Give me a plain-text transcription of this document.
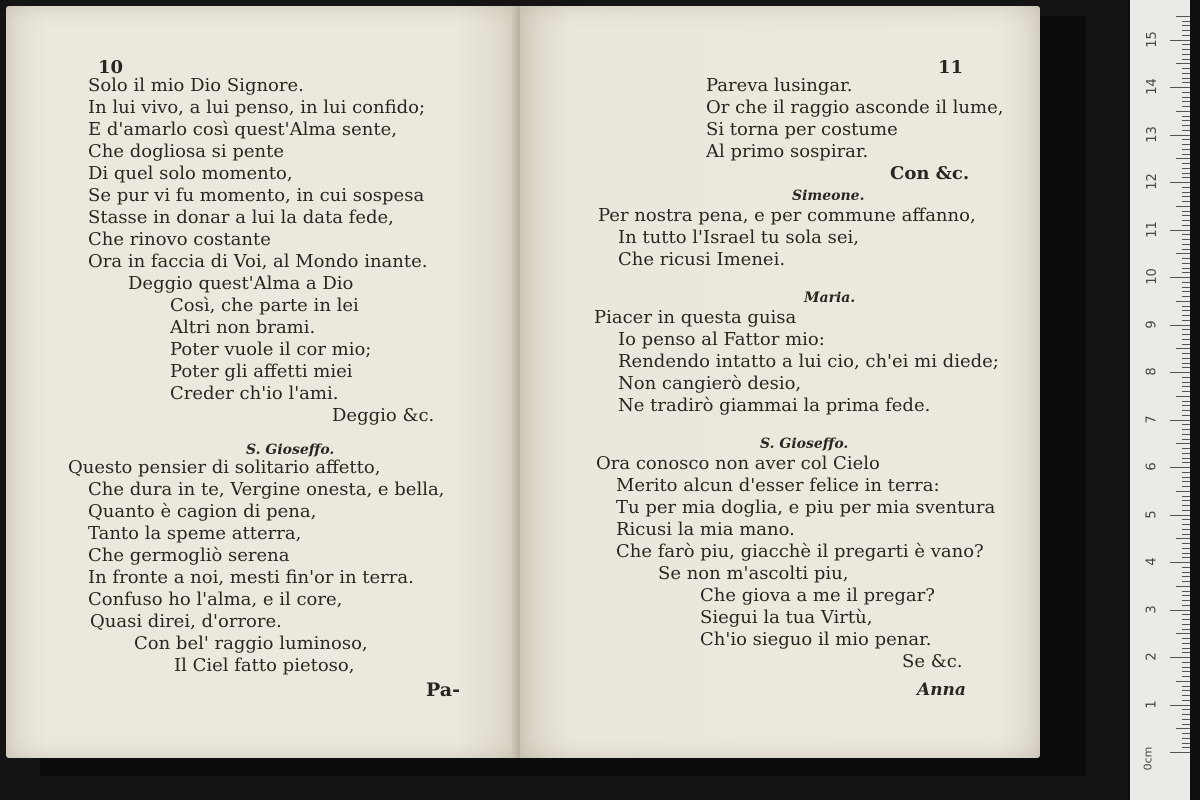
10
Solo il mio Dio Signore.
In lui vivo, a lui penso, in lui confido;
E d'amarlo così quest'Alma sente,
Che dogliosa si pente
Di quel solo momento,
Se pur vi fu momento, in cui sospesa
Stasse in donar a lui la data fede,
Che rinovo costante
Ora in faccia di Voi, al Mondo inante.
Deggio quest'Alma a Dio
Così, che parte in lei
Altri non brami.
Poter vuole il cor mio;
Poter gli affetti miei
Creder ch'io l'ami.
Deggio &c.
S. Gioseffo.
Questo pensier di solitario affetto,
Che dura in te, Vergine onesta, e bella,
Quanto è cagion di pena,
Tanto la speme atterra,
Che germogliò serena
In fronte a noi, mesti fin'or in terra.
Confuso ho l'alma, e il core,
Quasi direi, d'orrore.
Con bel' raggio luminoso,
Il Ciel fatto pietoso,
Pa-
11
Pareva lusingar.
Or che il raggio asconde il lume,
Si torna per costume
Al primo sospirar.
Con &c.
Simeone.
Per nostra pena, e per commune affanno,
In tutto l'Israel tu sola sei,
Che ricusi Imenei.
Maria.
Piacer in questa guisa
Io penso al Fattor mio:
Rendendo intatto a lui cio, ch'ei mi diede;
Non cangierò desio,
Ne tradirò giammai la prima fede.
S. Gioseffo.
Ora conosco non aver col Cielo
Merito alcun d'esser felice in terra:
Tu per mia doglia, e piu per mia sventura
Ricusi la mia mano.
Che farò piu, giacchè il pregarti è vano?
Se non m'ascolti piu,
Che giova a me il pregar?
Siegui la tua Virtù,
Ch'io sieguo il mio penar.
Se &c.
Anna
0cm
1
2
3
4
5
6
7
8
9
10
11
12
13
14
15
